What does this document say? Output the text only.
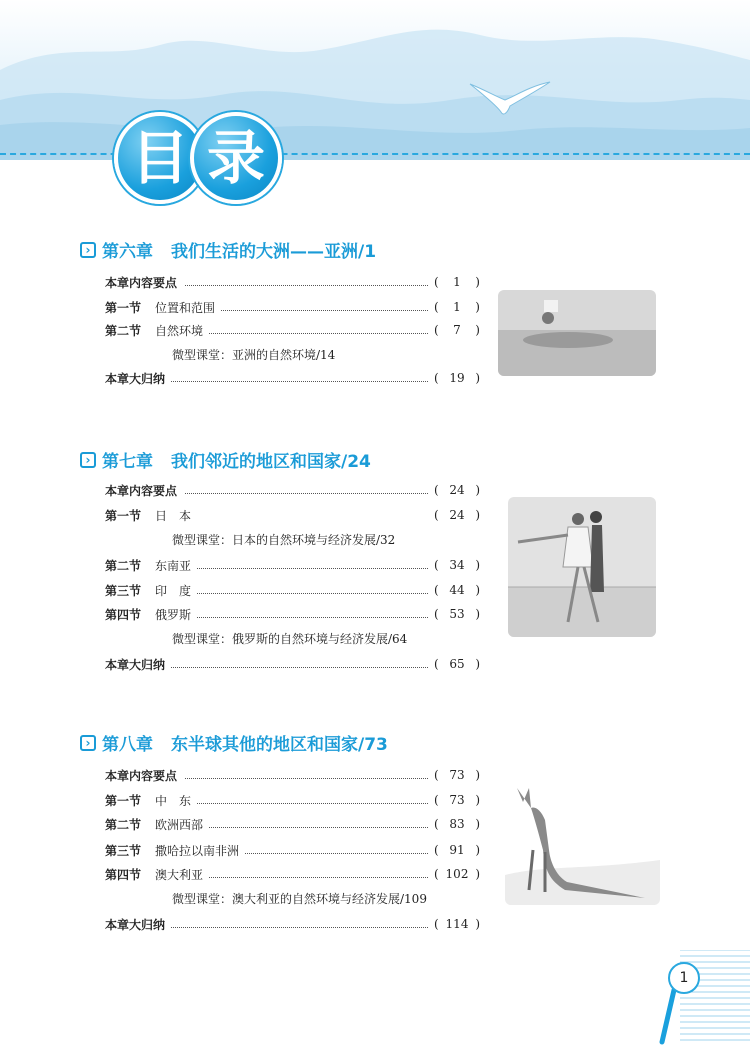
目 录
› 第六章 我们生活的大洲——亚洲/1
本章内容要点	( 1 )
第一节 位置和范围	( 1 )
第二节 自然环境	( 7 )
微型课堂：亚洲的自然环境/14
本章大归纳	( 19 )
› 第七章 我们邻近的地区和国家/24
本章内容要点	( 24 )
第一节 日　本	( 24 )
微型课堂：日本的自然环境与经济发展/32
第二节 东南亚	( 34 )
第三节 印　度	( 44 )
第四节 俄罗斯	( 53 )
微型课堂：俄罗斯的自然环境与经济发展/64
本章大归纳	( 65 )
› 第八章 东半球其他的地区和国家/73
本章内容要点	( 73 )
第一节 中　东	( 73 )
第二节 欧洲西部	( 83 )
第三节 撒哈拉以南非洲	( 91 )
第四节 澳大利亚	( 102 )
微型课堂：澳大利亚的自然环境与经济发展/109
本章大归纳	( 114 )
1
